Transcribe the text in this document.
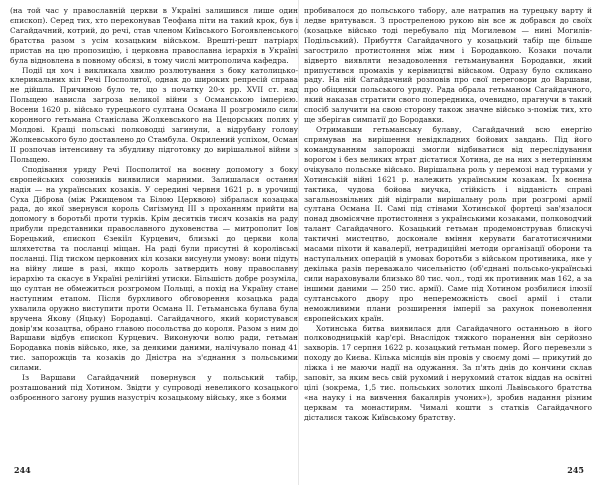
(на той час у православній церкви в Україні залишився лише один єпископ). Серед тих, хто переконував Теофана піти на такий крок, був і Сагайдачний, котрий, до речі, став членом Київського Богоявленського братства разом з усім козацьким військом. Врешті-решт патріарх пристав на цю пропозицію, і церковна православна ієрархія в Україні була відновлена в повному обсязі, в тому числі митрополича кафедра.

Події ця хоч і викликала хвилю розлютування з боку католицько-клерикальних кіл Речі Посполитої, однак до широких репресій справа не дійшла. Причиною було те, що з початку 20-х рр. XVII ст. над Польщею нависла загроза великої війни з Османською імперією. Восени 1620 р. військо турецького султана Османа II розгромило сили коронного гетьмана Станіслава Жолкевського на Цецорських полях у Молдові. Кращі польські полководці загинули, а відрубану голову Жолкевського було доставлено до Стамбула. Окрилений успіхом, Осман II розпочав інтенсивну та збудливу підготовку до вирішальної війни з Польщею.

Сподівання уряду Речі Посполитої на воєнну допомогу з боку європейських союзників виявилися марними. Залишалася остання надія — на українських козаків. У середині червня 1621 р. в урочищі Суха Діброва (між Ржищевом та Білою Церквою) зібралася козацька рада, до якої звернувся король Сигізмунд III з проханням прийти на допомогу в боротьбі проти турків. Крім десятків тисяч козаків на раду прибули представники православного духовенства — митрополит Іов Борецький, єпископ Єзекіїл Курцевич, близькі до церкви кола шляхетства та посланці міщан. На раді були присутні й королівські посланці. Під тиском церковних кіл козаки висунули умову: вони підуть на війну лише в разі, якщо король затвердить нову православну ієрархію та скасує в Україні релігійні утиски. Більшість добре розуміла, що султан не обмежиться розгромом Польщі, а похід на Україну стане наступним етапом. Після бурхливого обговорення козацька рада ухвалила оружно виступити проти Османа II. Гетьманська булава була вручена Якову (Яцьку) Бородавці. Сагайдачного, який користувався довір'ям козацтва, обрано главою посольства до короля. Разом з ним до Варшави відбув єпископ Курцевич. Виконуючи волю ради, гетьман Бородавка повів військо, яке, за деякими даними, налічувало понад 41 тис. запорожців та козаків до Дністра на з'єднання з польськими силами.

Із Варшави Сагайдачний повернувся у польський табір, розташований під Хотином. Звідти у супроводі невеликого козацького озброєнного загону рушив назустріч козацькому війську, яке з боями

244

пробивалося до польського табору, але натрапив на турецьку варту й ледве врятувався. З простреленою рукою він все ж добрався до своїх (козацьке військо тоді перебувало під Могилевом — нині Могилів-Подільський). Прибуття Сагайдачного у козацький табір ще більше загострило протистояння між ним і Бородавкою. Козаки почали відверто виявляти незадоволення гетьманування Бородавки, який припустився промахів у керівництві військом. Одразу було скликано раду. На ній Сагайдачний розповів про свої переговори до Варшави, про обіцянки польського уряду. Рада обрала гетьманом Сагайдачного, який наказав стратити свого попередника, очевидно, прагнучи в такий спосіб залучити на свою сторону також значне військо з-поміж тих, хто ще зберігав симпатії до Бородавки.

Отримавши гетьманську булаву, Сагайдачний всю енергію спрямував на вирішення невідкладних бойових завдань. Під його командуванням запорожці змогли відбиватися від переслідування ворогом і без великих втрат дістатися Хотина, де на них з нетерпінням очікувало польське військо. Вирішальна роль у перемозі над турками у Хотинській війні 1621 р. належить українським козакам. Їх воєнна тактика, чудова бойова виучка, стійкість і відданість справі загальнозвільних дій відіграли вирішальну роль при розгромі армії султана Османа II. Самі під стінами Хотинської фортеці зав'язалося понад двомісячне протистояння з українськими козаками, полководчий талант Сагайдачного. Козацький гетьман продемонстрував блискучі тактичні мистецтво, досконале вміння керувати багатотисячними масами піхоти й кавалерії, нетрадиційні методи організації оборони та наступальних операцій в умовах боротьби з військом противника, яке у декілька разів переважало чисельністю (об'єднані польсько-українські сили нараховували близько 80 тис. чол., тоді як противник мав 162, а за іншими даними — 250 тис. армії). Саме під Хотином розбилися ілюзії султанського двору про непереможність своєї армії і стали неможливими плани розширення імперії за рахунок поневолення європейських країн.

Хотинська битва виявилася для Сагайдачного останньою в його полководницькій кар'єрі. Внаслідок тяжкого поранення він серйозно захворів. 17 серпня 1622 р. козацький гетьман помер. Його перевезли з походу до Києва. Кілька місяців він провів у своєму домі — прикутий до ліжка і не маючи надії на одужання. За п'ять днів до кончини склав заповіт, за яким весь свій рухомий і нерухомий статок віддав на освітні цілі (зокрема, 1,5 тис. польських золотих школі Львівського братства «на науку і на вивчення бакалярів учоних»), зробив надання різним церквам та монастирям. Чималі кошти з статків Сагайдачного дісталися також Київському братству.

245
